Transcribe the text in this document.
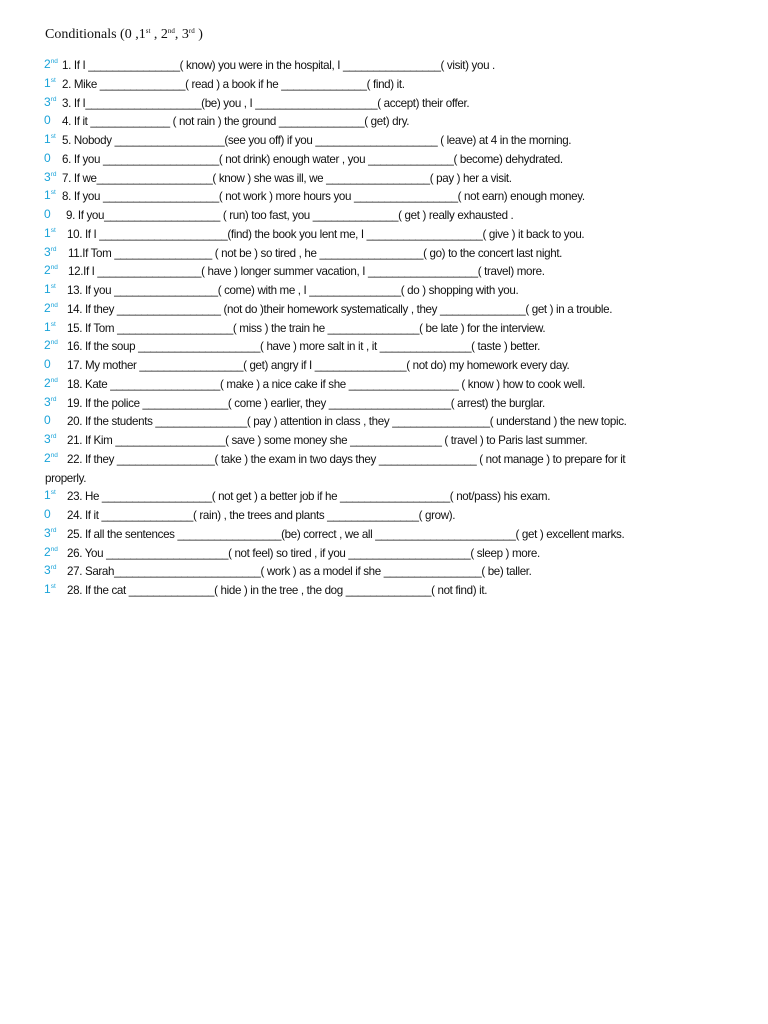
Conditionals (0 ,1st , 2nd, 3rd )
2nd 1. If I _______________( know) you were in the hospital, I ________________( visit) you .
1st 2. Mike ______________( read ) a book if he ______________( find) it.
3rd 3. If I___________________(be) you , I ____________________( accept) their offer.
0 4. If it _____________ ( not rain ) the ground ______________( get) dry.
1st 5. Nobody __________________(see you off) if you ____________________ ( leave) at 4 in the morning.
0 6. If you ___________________( not drink) enough water , you ______________( become) dehydrated.
3rd 7. If we___________________( know ) she was ill, we _________________( pay ) her a visit.
1st 8. If you ___________________( not work ) more hours you _________________( not earn) enough money.
0 9. If you___________________ ( run) too fast, you ______________( get ) really exhausted .
1st 10. If I _____________________(find) the book you lent me, I ___________________( give ) it back to you.
3rd 11.If Tom ________________ ( not be ) so tired , he _________________( go) to the concert last night.
2nd 12.If I _________________( have ) longer summer vacation, I __________________( travel) more.
1st 13. If you _________________( come) with me , I _______________( do ) shopping with you.
2nd 14. If they _________________ (not do )their homework systematically , they ______________( get ) in a trouble.
1st 15. If Tom ___________________( miss ) the train he _______________( be late ) for the interview.
2nd 16. If the soup ____________________( have ) more salt in it , it _______________( taste ) better.
0 17. My mother _________________( get) angry if I _______________( not do) my homework every day.
2nd 18. Kate __________________( make ) a nice cake if she __________________ ( know ) how to cook well.
3rd 19. If the police ______________( come ) earlier, they ____________________( arrest) the burglar.
0 20. If the students _______________( pay ) attention in class , they ________________( understand ) the new topic.
3rd 21. If Kim __________________( save ) some money she _______________ ( travel ) to Paris last summer.
2nd 22. If they ________________( take ) the exam in two days they ________________ ( not manage ) to prepare for it
properly.
1st 23. He __________________( not get ) a better job if he __________________( not/pass) his exam.
0 24. If it _______________( rain) , the trees and plants _______________( grow).
3rd 25. If all the sentences _________________(be) correct , we all _______________________( get ) excellent marks.
2nd 26. You ____________________( not feel) so tired , if you ____________________( sleep ) more.
3rd 27. Sarah________________________( work ) as a model if she ________________( be) taller.
1st 28. If the cat ______________( hide ) in the tree , the dog ______________( not find) it.
